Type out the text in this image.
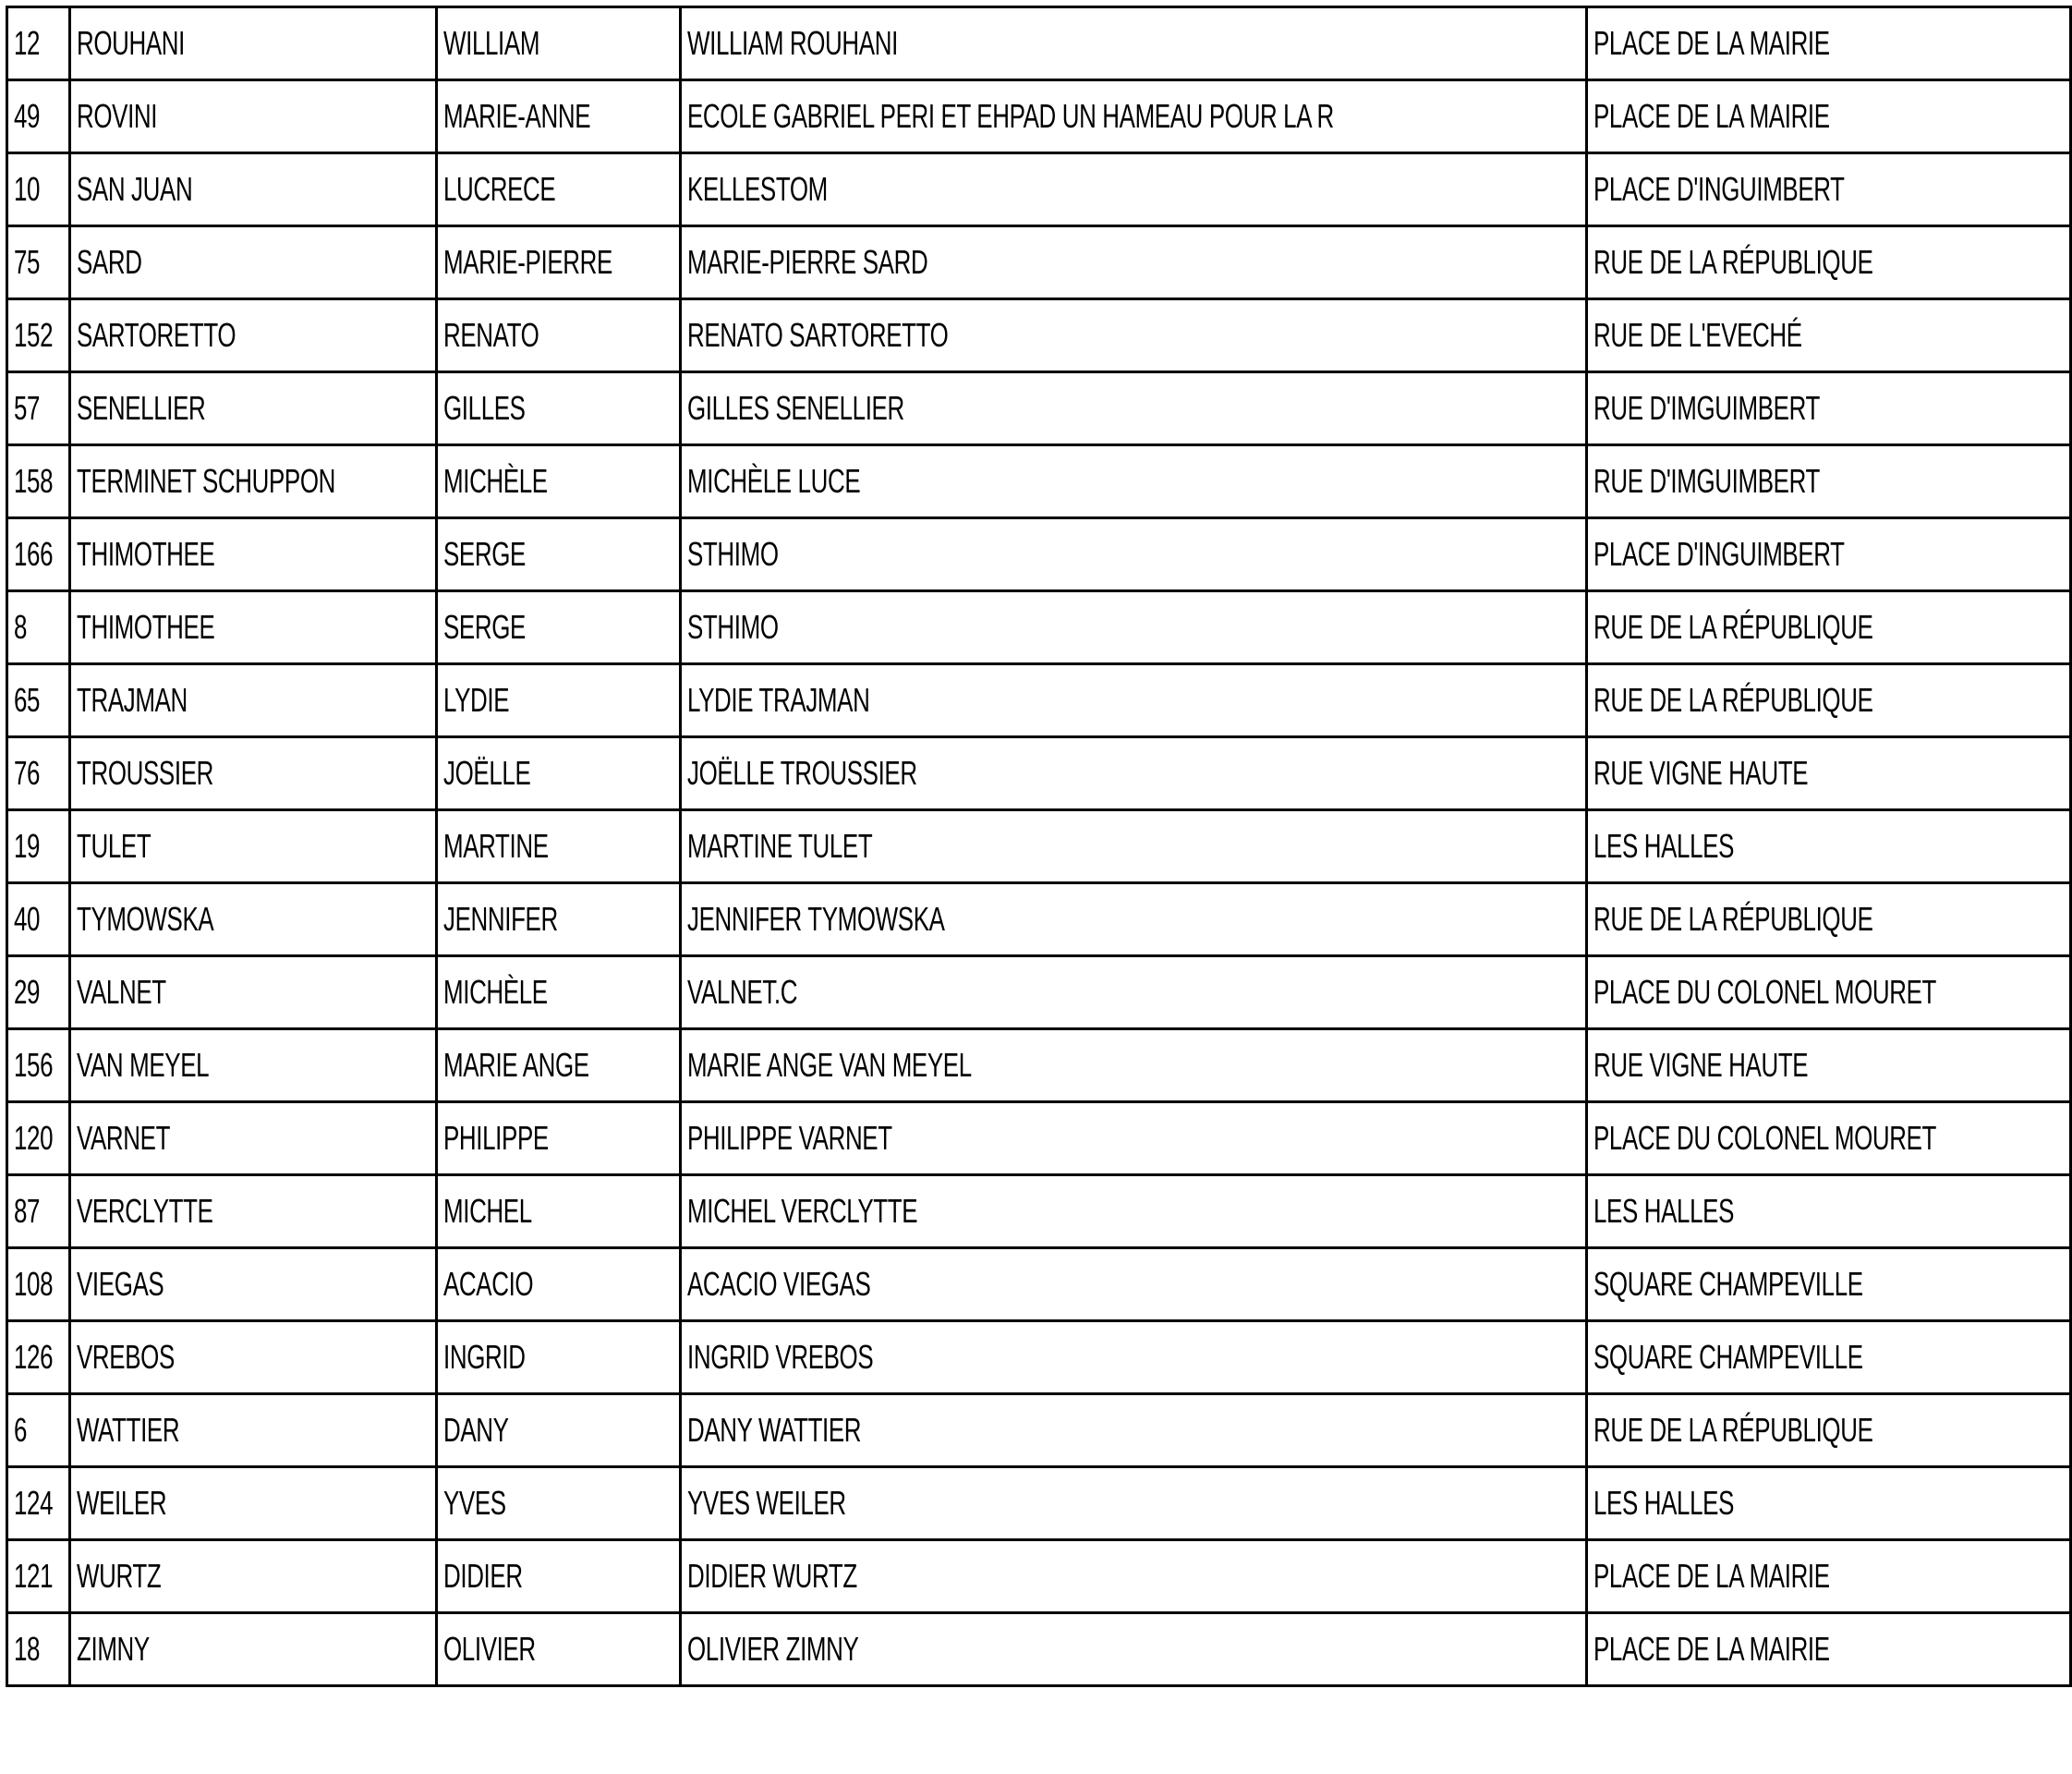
12	ROUHANI	WILLIAM	WILLIAM ROUHANI	PLACE DE LA MAIRIE
49	ROVINI	MARIE-ANNE	ECOLE GABRIEL PERI ET EHPAD UN HAMEAU POUR LA R	PLACE DE LA MAIRIE
10	SAN JUAN	LUCRECE	KELLESTOM	PLACE D'INGUIMBERT
75	SARD	MARIE-PIERRE	MARIE-PIERRE SARD	RUE DE LA RÉPUBLIQUE
152	SARTORETTO	RENATO	RENATO SARTORETTO	RUE DE L'EVECHÉ
57	SENELLIER	GILLES	GILLES SENELLIER	RUE D'IMGUIMBERT
158	TERMINET SCHUPPON	MICHÈLE	MICHÈLE LUCE	RUE D'IMGUIMBERT
166	THIMOTHEE	SERGE	STHIMO	PLACE D'INGUIMBERT
8	THIMOTHEE	SERGE	STHIMO	RUE DE LA RÉPUBLIQUE
65	TRAJMAN	LYDIE	LYDIE TRAJMAN	RUE DE LA RÉPUBLIQUE
76	TROUSSIER	JOËLLE	JOËLLE TROUSSIER	RUE VIGNE HAUTE
19	TULET	MARTINE	MARTINE TULET	LES HALLES
40	TYMOWSKA	JENNIFER	JENNIFER TYMOWSKA	RUE DE LA RÉPUBLIQUE
29	VALNET	MICHÈLE	VALNET.C	PLACE DU COLONEL MOURET
156	VAN MEYEL	MARIE ANGE	MARIE ANGE VAN MEYEL	RUE VIGNE HAUTE
120	VARNET	PHILIPPE	PHILIPPE VARNET	PLACE DU COLONEL MOURET
87	VERCLYTTE	MICHEL	MICHEL VERCLYTTE	LES HALLES
108	VIEGAS	ACACIO	ACACIO VIEGAS	SQUARE CHAMPEVILLE
126	VREBOS	INGRID	INGRID VREBOS	SQUARE CHAMPEVILLE
6	WATTIER	DANY	DANY WATTIER	RUE DE LA RÉPUBLIQUE
124	WEILER	YVES	YVES WEILER	LES HALLES
121	WURTZ	DIDIER	DIDIER WURTZ	PLACE DE LA MAIRIE
18	ZIMNY	OLIVIER	OLIVIER ZIMNY	PLACE DE LA MAIRIE
